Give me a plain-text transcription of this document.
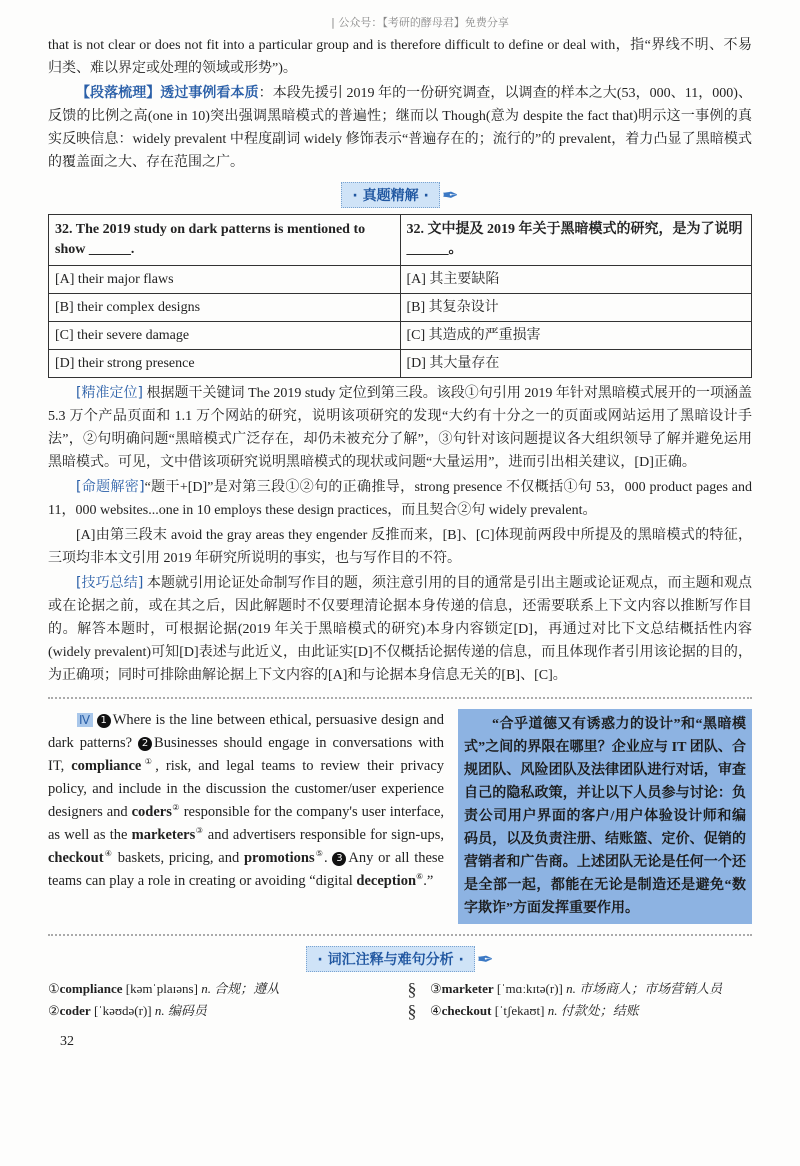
| 公众号：【考研的酵母君】免费分享
that is not clear or does not fit into a particular group and is therefore difficult to define or deal with，指“界线不明、不易归类、难以界定或处理的领域或形势”)。
【段落梳理】透过事例看本质：本段先援引 2019 年的一份研究调查，以调查的样本之大(53，000、11，000)、反馈的比例之高(one in 10)突出强调黑暗模式的普遍性；继而以 Though(意为 despite the fact that)明示这一事例的真实反映信息：widely prevalent 中程度副词 widely 修饰表示“普遍存在的；流行的”的 prevalent，着力凸显了黑暗模式的覆盖面之大、存在范围之广。
· 真题精解 · ✒
32. The 2019 study on dark patterns is mentioned to show ______.	32. 文中提及 2019 年关于黑暗模式的研究，是为了说明 ______。
[A] their major flaws	[A] 其主要缺陷
[B] their complex designs	[B] 其复杂设计
[C] their severe damage	[C] 其造成的严重损害
[D] their strong presence	[D] 其大量存在
[精准定位] 根据题干关键词 The 2019 study 定位到第三段。该段①句引用 2019 年针对黑暗模式展开的一项涵盖 5.3 万个产品页面和 1.1 万个网站的研究，说明该项研究的发现“大约有十分之一的页面或网站运用了黑暗设计手法”，②句明确问题“黑暗模式广泛存在，却仍未被充分了解”，③句针对该问题提议各大组织领导了解并避免运用黑暗模式。可见，文中借该项研究说明黑暗模式的现状或问题“大量运用”，进而引出相关建议，[D]正确。
[命题解密]“题干+[D]”是对第三段①②句的正确推导，strong presence 不仅概括①句 53，000 product pages and 11，000 websites...one in 10 employs these design practices，而且契合②句 widely prevalent。
[A]由第三段末 avoid the gray areas they engender 反推而来，[B]、[C]体现前两段中所提及的黑暗模式的特征，三项均非本文引用 2019 年研究所说明的事实，也与写作目的不符。
[技巧总结] 本题就引用论证处命制写作目的题，须注意引用的目的通常是引出主题或论证观点，而主题和观点或在论据之前，或在其之后，因此解题时不仅要理清论据本身传递的信息，还需要联系上下文内容以推断写作目的。解答本题时，可根据论据(2019 年关于黑暗模式的研究)本身内容锁定[D]，再通过对比下文总结概括性内容(widely prevalent)可知[D]表述与此近义，由此证实[D]不仅概括论据传递的信息，而且体现作者引用该论据的目的，为正确项；同时可排除曲解论据上下文内容的[A]和与论据本身信息无关的[B]、[C]。
Ⅳ 1 Where is the line between ethical, persuasive design and dark patterns? 2 Businesses should engage in conversations with IT, compliance①, risk, and legal teams to review their privacy policy, and include in the discussion the customer/user experience designers and coders② responsible for the company's user interface, as well as the marketers③ and advertisers responsible for sign-ups, checkout④ baskets, pricing, and promotions⑤. 3 Any or all these teams can play a role in creating or avoiding “digital deception⑥.”
“合乎道德又有诱惑力的设计”和“黑暗模式”之间的界限在哪里？企业应与 IT 团队、合规团队、风险团队及法律团队进行对话，审查自己的隐私政策，并让以下人员参与讨论：负责公司用户界面的客户/用户体验设计师和编码员，以及负责注册、结账篮、定价、促销的营销者和广告商。上述团队无论是任何一个还是全部一起，都能在无论是制造还是避免“数字欺诈”方面发挥重要作用。
· 词汇注释与难句分析 · ✒
①compliance [kəmˈplaɪəns] n. 合规；遵从
②coder [ˈkəʊdə(r)] n. 编码员
§
§
③marketer [ˈmɑːkɪtə(r)] n. 市场商人；市场营销人员
④checkout [ˈtʃekaʊt] n. 付款处；结账
32
